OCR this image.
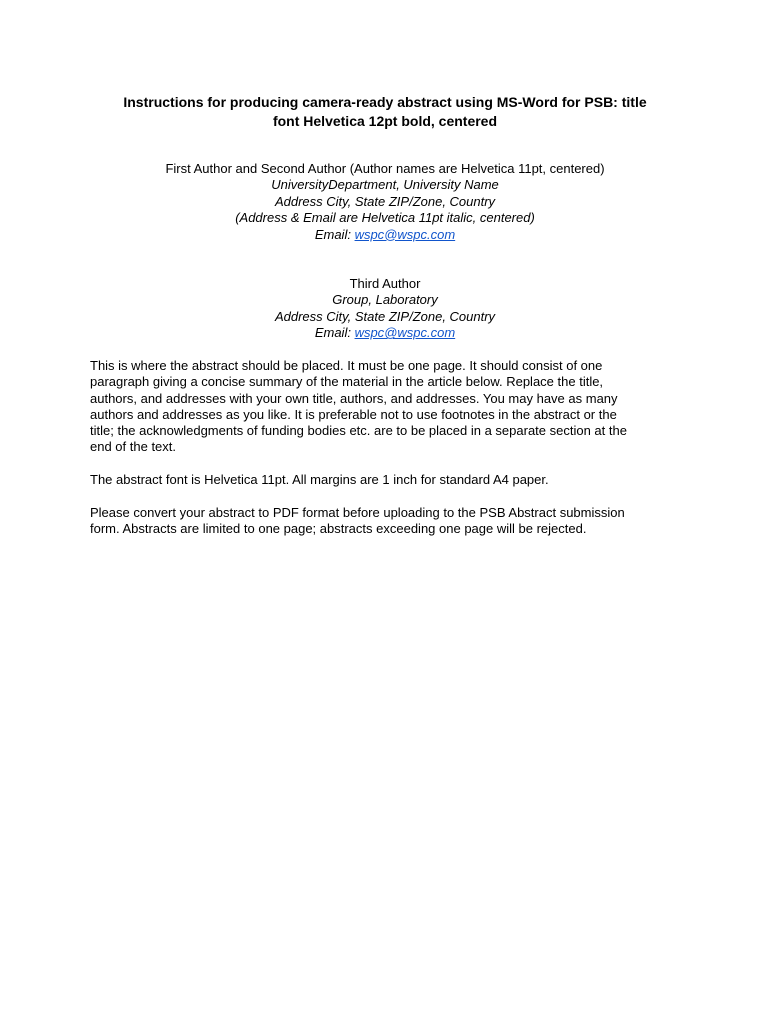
Instructions for producing camera-ready abstract using MS-Word for PSB: title
font Helvetica 12pt bold, centered
First Author and Second Author (Author names are Helvetica 11pt, centered)
UniversityDepartment, University Name
Address City, State ZIP/Zone, Country
(Address & Email are Helvetica 11pt italic, centered)
Email: wspc@wspc.com
Third Author
Group, Laboratory
Address City, State ZIP/Zone, Country
Email: wspc@wspc.com
This is where the abstract should be placed. It must be one page. It should consist of one
paragraph giving a concise summary of the material in the article below. Replace the title,
authors, and addresses with your own title, authors, and addresses. You may have as many
authors and addresses as you like. It is preferable not to use footnotes in the abstract or the
title; the acknowledgments of funding bodies etc. are to be placed in a separate section at the
end of the text.
The abstract font is Helvetica 11pt. All margins are 1 inch for standard A4 paper.
Please convert your abstract to PDF format before uploading to the PSB Abstract submission
form. Abstracts are limited to one page; abstracts exceeding one page will be rejected.
